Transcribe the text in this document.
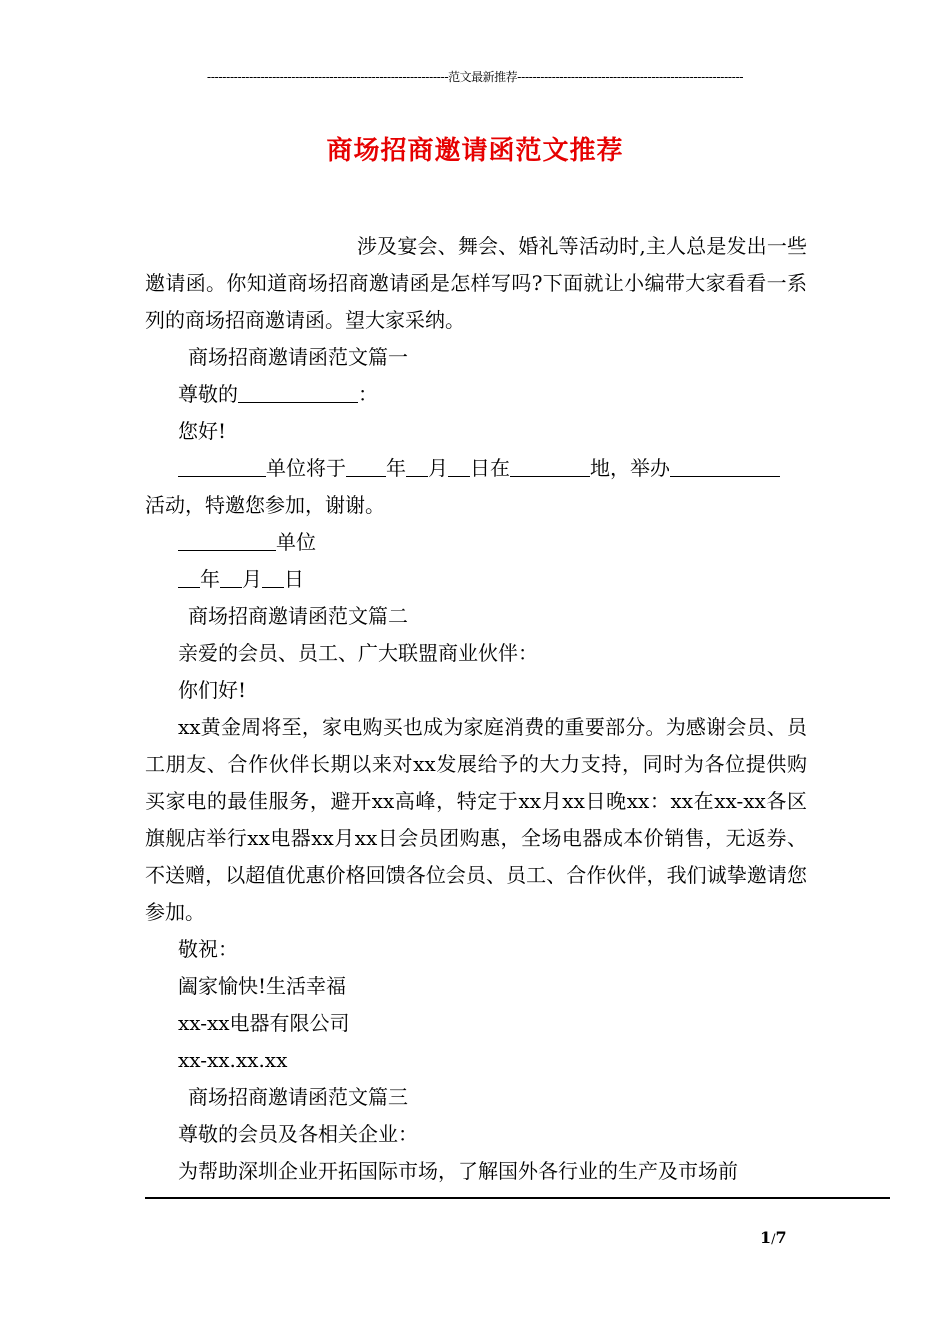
---------------------------------------------------------------范文最新推荐-----------------------------------------------------------
商场招商邀请函范文推荐

涉及宴会、舞会、婚礼等活动时,主人总是发出一些邀请函。你知道商场招商邀请函是怎样写吗?下面就让小编带大家看看一系列的商场招商邀请函。望大家采纳。

商场招商邀请函范文篇一

尊敬的	：

您好!

单位将于 年 月 日在	地，举办

活动，特邀您参加，谢谢。

单位

年 月 日

商场招商邀请函范文篇二

亲爱的会员、员工、广大联盟商业伙伴：

你们好!

xx黄金周将至，家电购买也成为家庭消费的重要部分。为感谢会员、员工朋友、合作伙伴长期以来对xx发展给予的大力支持，同时为各位提供购买家电的最佳服务，避开xx高峰，特定于xx月xx日晚xx：xx在xx-xx各区旗舰店举行xx电器xx月xx日会员团购惠，全场电器成本价销售，无返券、不送赠，以超值优惠价格回馈各位会员、员工、合作伙伴，我们诚挚邀请您参加。

敬祝：

阖家愉快!生活幸福

xx-xx电器有限公司

xx-xx.xx.xx

商场招商邀请函范文篇三

尊敬的会员及各相关企业：

为帮助深圳企业开拓国际市场，了解国外各行业的生产及市场前

1/7
